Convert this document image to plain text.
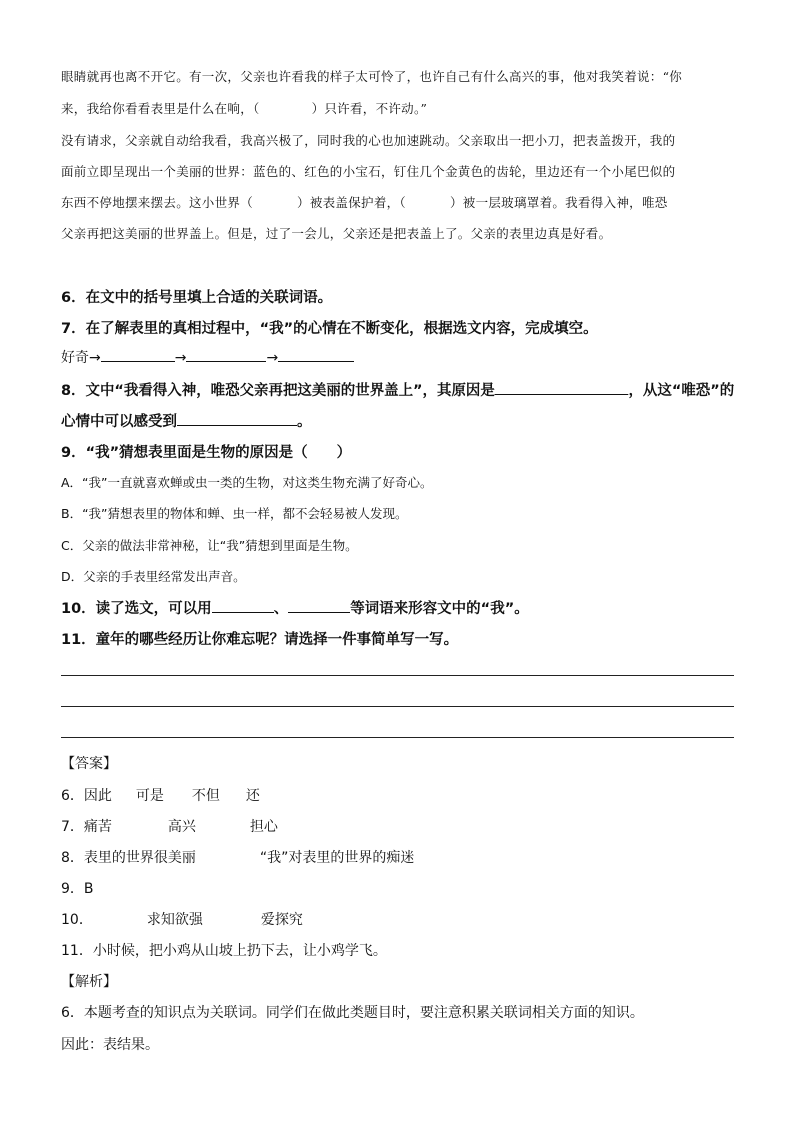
眼睛就再也离不开它。有一次，父亲也许看我的样子太可怜了，也许自己有什么高兴的事，他对我笑着说：“你
来，我给你看看表里是什么在响，（	）只许看，不许动。”
没有请求，父亲就自动给我看，我高兴极了，同时我的心也加速跳动。父亲取出一把小刀，把表盖拨开，我的
面前立即呈现出一个美丽的世界：蓝色的、红色的小宝石，钉住几个金黄色的齿轮，里边还有一个小尾巴似的
东西不停地摆来摆去。这小世界（	）被表盖保护着，（	）被一层玻璃罩着。我看得入神，唯恐
父亲再把这美丽的世界盖上。但是，过了一会儿，父亲还是把表盖上了。父亲的表里边真是好看。
6．在文中的括号里填上合适的关联词语。
7．在了解表里的真相过程中，“我”的心情在不断变化，根据选文内容，完成填空。
好奇→	→	→
8．文中“我看得入神，唯恐父亲再把这美丽的世界盖上”，其原因是	，从这“唯恐”的
心情中可以感受到	。
9．“我”猜想表里面是生物的原因是（　　）
A．“我”一直就喜欢蝉或虫一类的生物，对这类生物充满了好奇心。
B．“我”猜想表里的物体和蝉、虫一样，都不会轻易被人发现。
C．父亲的做法非常神秘，让“我”猜想到里面是生物。
D．父亲的手表里经常发出声音。
10．读了选文，可以用	、	等词语来形容文中的“我”。
11．童年的哪些经历让你难忘呢？请选择一件事简单写一写。
【答案】
6．因此 可是 不但 还
7．痛苦	高兴	担心
8．表里的世界很美丽	“我”对表里的世界的痴迷
9．B
10．	求知欲强	爱探究
11．小时候，把小鸡从山坡上扔下去，让小鸡学飞。
【解析】
6．本题考查的知识点为关联词。同学们在做此类题目时，要注意积累关联词相关方面的知识。
因此：表结果。
